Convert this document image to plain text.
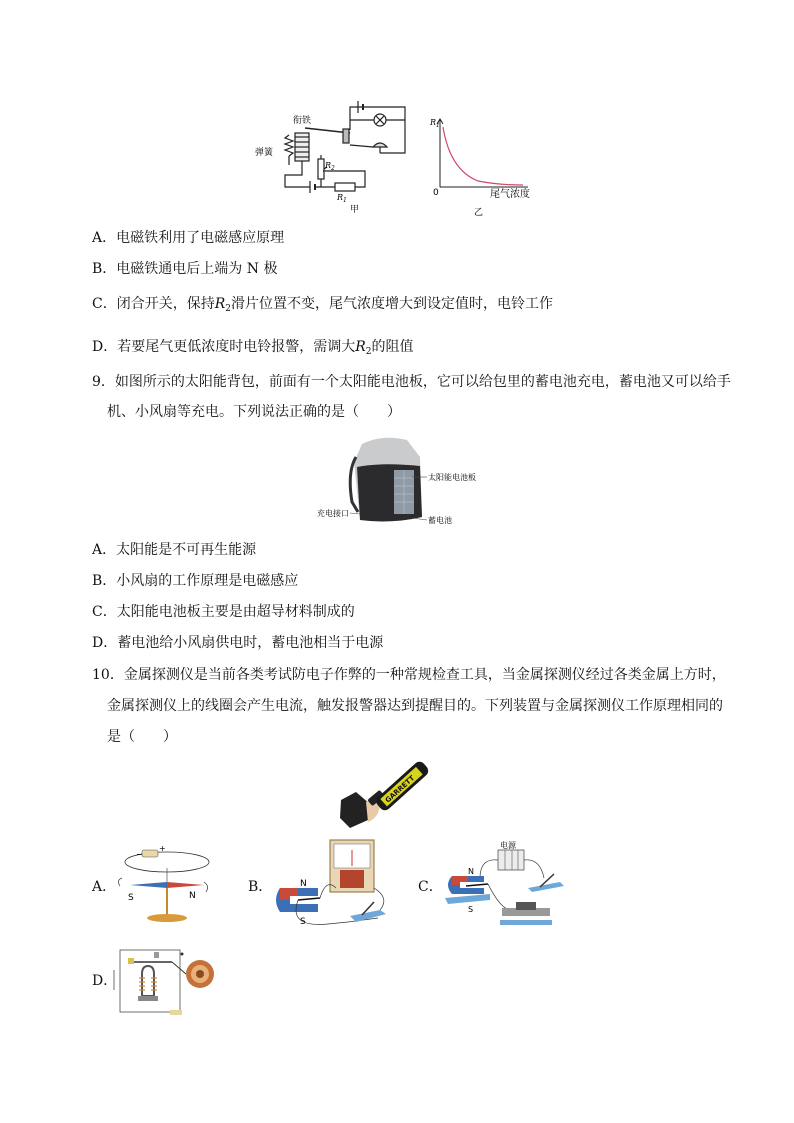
衔铁
弹簧
$R_2$
$R_1$
甲
$R_1$
0	尾气浓度
乙
A．电磁铁利用了电磁感应原理
B．电磁铁通电后上端为 N 极
C．闭合开关，保持$R_2$滑片位置不变，尾气浓度增大到设定值时，电铃工作
D．若要尾气更低浓度时电铃报警，需调大$R_2$的阻值
9．如图所示的太阳能背包，前面有一个太阳能电池板，它可以给包里的蓄电池充电，蓄电池又可以给手
机、小风扇等充电。下列说法正确的是（　　）
太阳能电池板
充电接口
蓄电池
A．太阳能是不可再生能源
B．小风扇的工作原理是电磁感应
C．太阳能电池板主要是由超导材料制成的
D．蓄电池给小风扇供电时，蓄电池相当于电源
10．金属探测仪是当前各类考试防电子作弊的一种常规检查工具，当金属探测仪经过各类金属上方时，
金属探测仪上的线圈会产生电流，触发报警器达到提醒目的。下列装置与金属探测仪工作原理相同的
是（　　）
GARRETT
A．
−
+
S	N
B．	N
S
C．
电源
N
S
D．
